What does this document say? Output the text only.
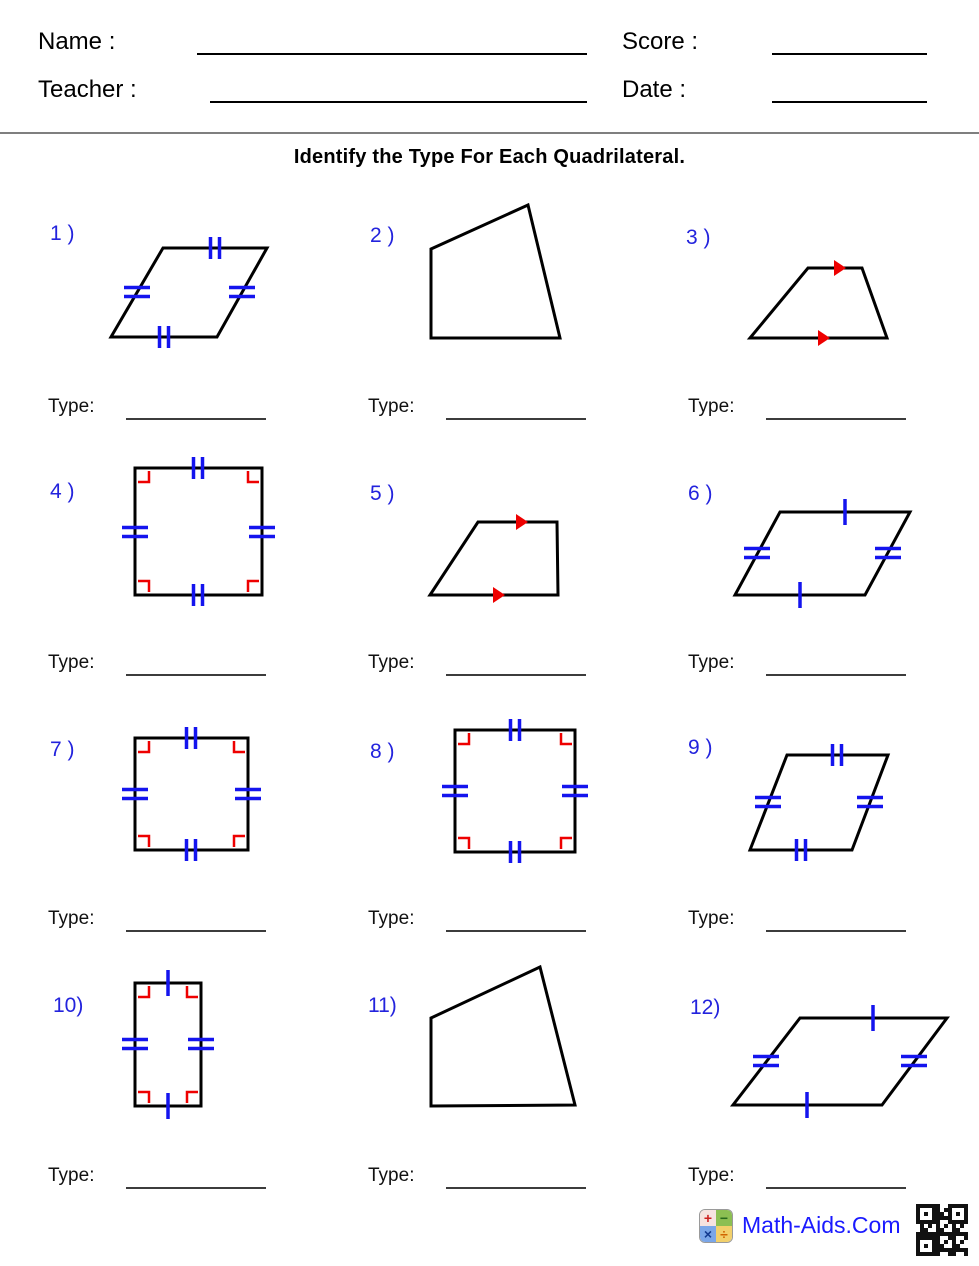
Name :	Score :
Teacher :	Date :
Identify the Type For Each Quadrilateral.
1 )
Type:
2 )
Type:
3 )
Type:
4 )
Type:
5 )
Type:
6 )
Type:
7 )
Type:
8 )
Type:
9 )
Type:
10)
Type:
11)
Type:
12)
Type:
+ −
× ÷ Math-Aids.Com
